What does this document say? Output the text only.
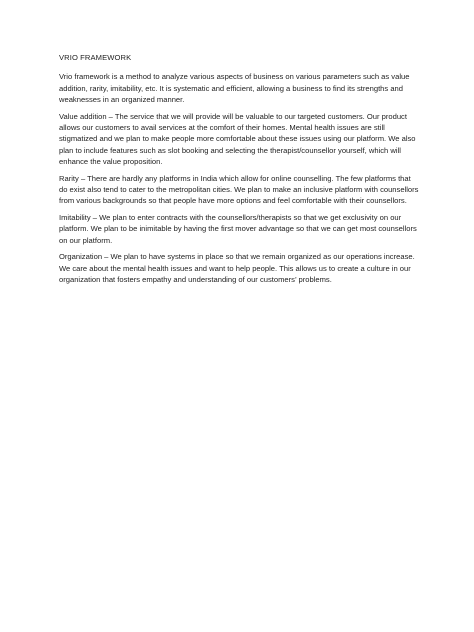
VRIO FRAMEWORK

Vrio framework is a method to analyze various aspects of business on various parameters such as value addition, rarity, imitability, etc. It is systematic and efficient, allowing a business to find its strengths and weaknesses in an organized manner.

Value addition – The service that we will provide will be valuable to our targeted customers. Our product allows our customers to avail services at the comfort of their homes. Mental health issues are still stigmatized and we plan to make people more comfortable about these issues using our platform. We also plan to include features such as slot booking and selecting the therapist/counsellor yourself, which will enhance the value proposition.

Rarity – There are hardly any platforms in India which allow for online counselling. The few platforms that do exist also tend to cater to the metropolitan cities. We plan to make an inclusive platform with counsellors from various backgrounds so that people have more options and feel comfortable with their counsellors.

Imitability – We plan to enter contracts with the counsellors/therapists so that we get exclusivity on our platform. We plan to be inimitable by having the first mover advantage so that we can get most counsellors on our platform.

Organization – We plan to have systems in place so that we remain organized as our operations increase. We care about the mental health issues and want to help people. This allows us to create a culture in our organization that fosters empathy and understanding of our customers’ problems.
